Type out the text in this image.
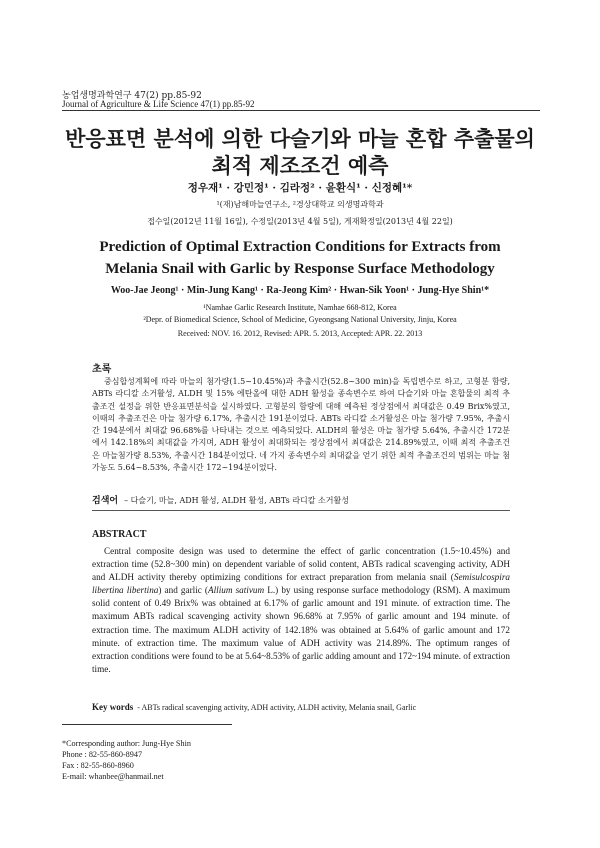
농업생명과학연구 47(2) pp.85-92
Journal of Agriculture & Life Science 47(1) pp.85-92
반응표면 분석에 의한 다슬기와 마늘 혼합 추출물의
최적 제조조건 예측
정우재¹ · 강민정¹ · 김라정² · 윤환식¹ · 신정혜¹*
¹(재)남해마늘연구소, ²경상대학교 의생명과학과
접수일(2012년 11월 16일), 수정일(2013년 4월 5일), 게재확정일(2013년 4월 22일)
Prediction of Optimal Extraction Conditions for Extracts from
Melania Snail with Garlic by Response Surface Methodology
Woo-Jae Jeong¹ · Min-Jung Kang¹ · Ra-Jeong Kim² · Hwan-Sik Yoon¹ · Jung-Hye Shin¹*
¹Namhae Garlic Research Institute, Namhae 668-812, Korea
²Depr. of Biomedical Science, School of Medicine, Gyeongsang National University, Jinju, Korea
Received: NOV. 16. 2012, Revised: APR. 5. 2013, Accepted: APR. 22. 2013
초록
중심합성계획에 따라 마늘의 첨가량(1.5~10.45%)과 추출시간(52.8~300 min)을 독립변수로 하고, 고형분 함량, ABTs 라디칼 소거활성, ALDH 및 15% 에탄올에 대한 ADH 활성을 종속변수로 하여 다슬기와 마늘 혼합물의 최적 추출조건 설정을 위한 반응표면분석을 실시하였다. 고형분의 함량에 대해 예측된 정상점에서 최대값은 0.49 Brix%였고, 이때의 추출조건은 마늘 첨가량 6.17%, 추출시간 191분이었다. ABTs 라디칼 소거활성은 마늘 첨가량 7.95%, 추출시간 194분에서 최대값 96.68%를 나타내는 것으로 예측되었다. ALDH의 활성은 마늘 첨가량 5.64%, 추출시간 172분에서 142.18%의 최대값을 가지며, ADH 활성이 최대화되는 정상점에서 최대값은 214.89%였고, 이때 최적 추출조건은 마늘첨가량 8.53%, 추출시간 184분이었다. 네 가지 종속변수의 최대값을 얻기 위한 최적 추출조건의 범위는 마늘 첨가농도 5.64~8.53%, 추출시간 172~194분이었다.
검색어 – 다슬기, 마늘, ADH 활성, ALDH 활성, ABTs 라디칼 소거활성
ABSTRACT
Central composite design was used to determine the effect of garlic concentration (1.5~10.45%) and extraction time (52.8~300 min) on dependent variable of solid content, ABTs radical scavenging activity, ADH and ALDH activity thereby optimizing conditions for extract preparation from melania snail (Semisulcospira libertina libertina) and garlic (Allium sativum L.) by using response surface methodology (RSM). A maximum solid content of 0.49 Brix% was obtained at 6.17% of garlic amount and 191 minute. of extraction time. The maximum ABTs radical scavenging activity shown 96.68% at 7.95% of garlic amount and 194 minute. of extraction time. The maximum ALDH activity of 142.18% was obtained at 5.64% of garlic amount and 172 minute. of extraction time. The maximum value of ADH activity was 214.89%. The optimum ranges of extraction conditions were found to be at 5.64~8.53% of garlic adding amount and 172~194 minute. of extraction time.
Key words - ABTs radical scavenging activity, ADH activity, ALDH activity, Melania snail, Garlic
*Corresponding author: Jung-Hye Shin
Phone : 82-55-860-8947
Fax : 82-55-860-8960
E-mail: whanbee@hanmail.net
